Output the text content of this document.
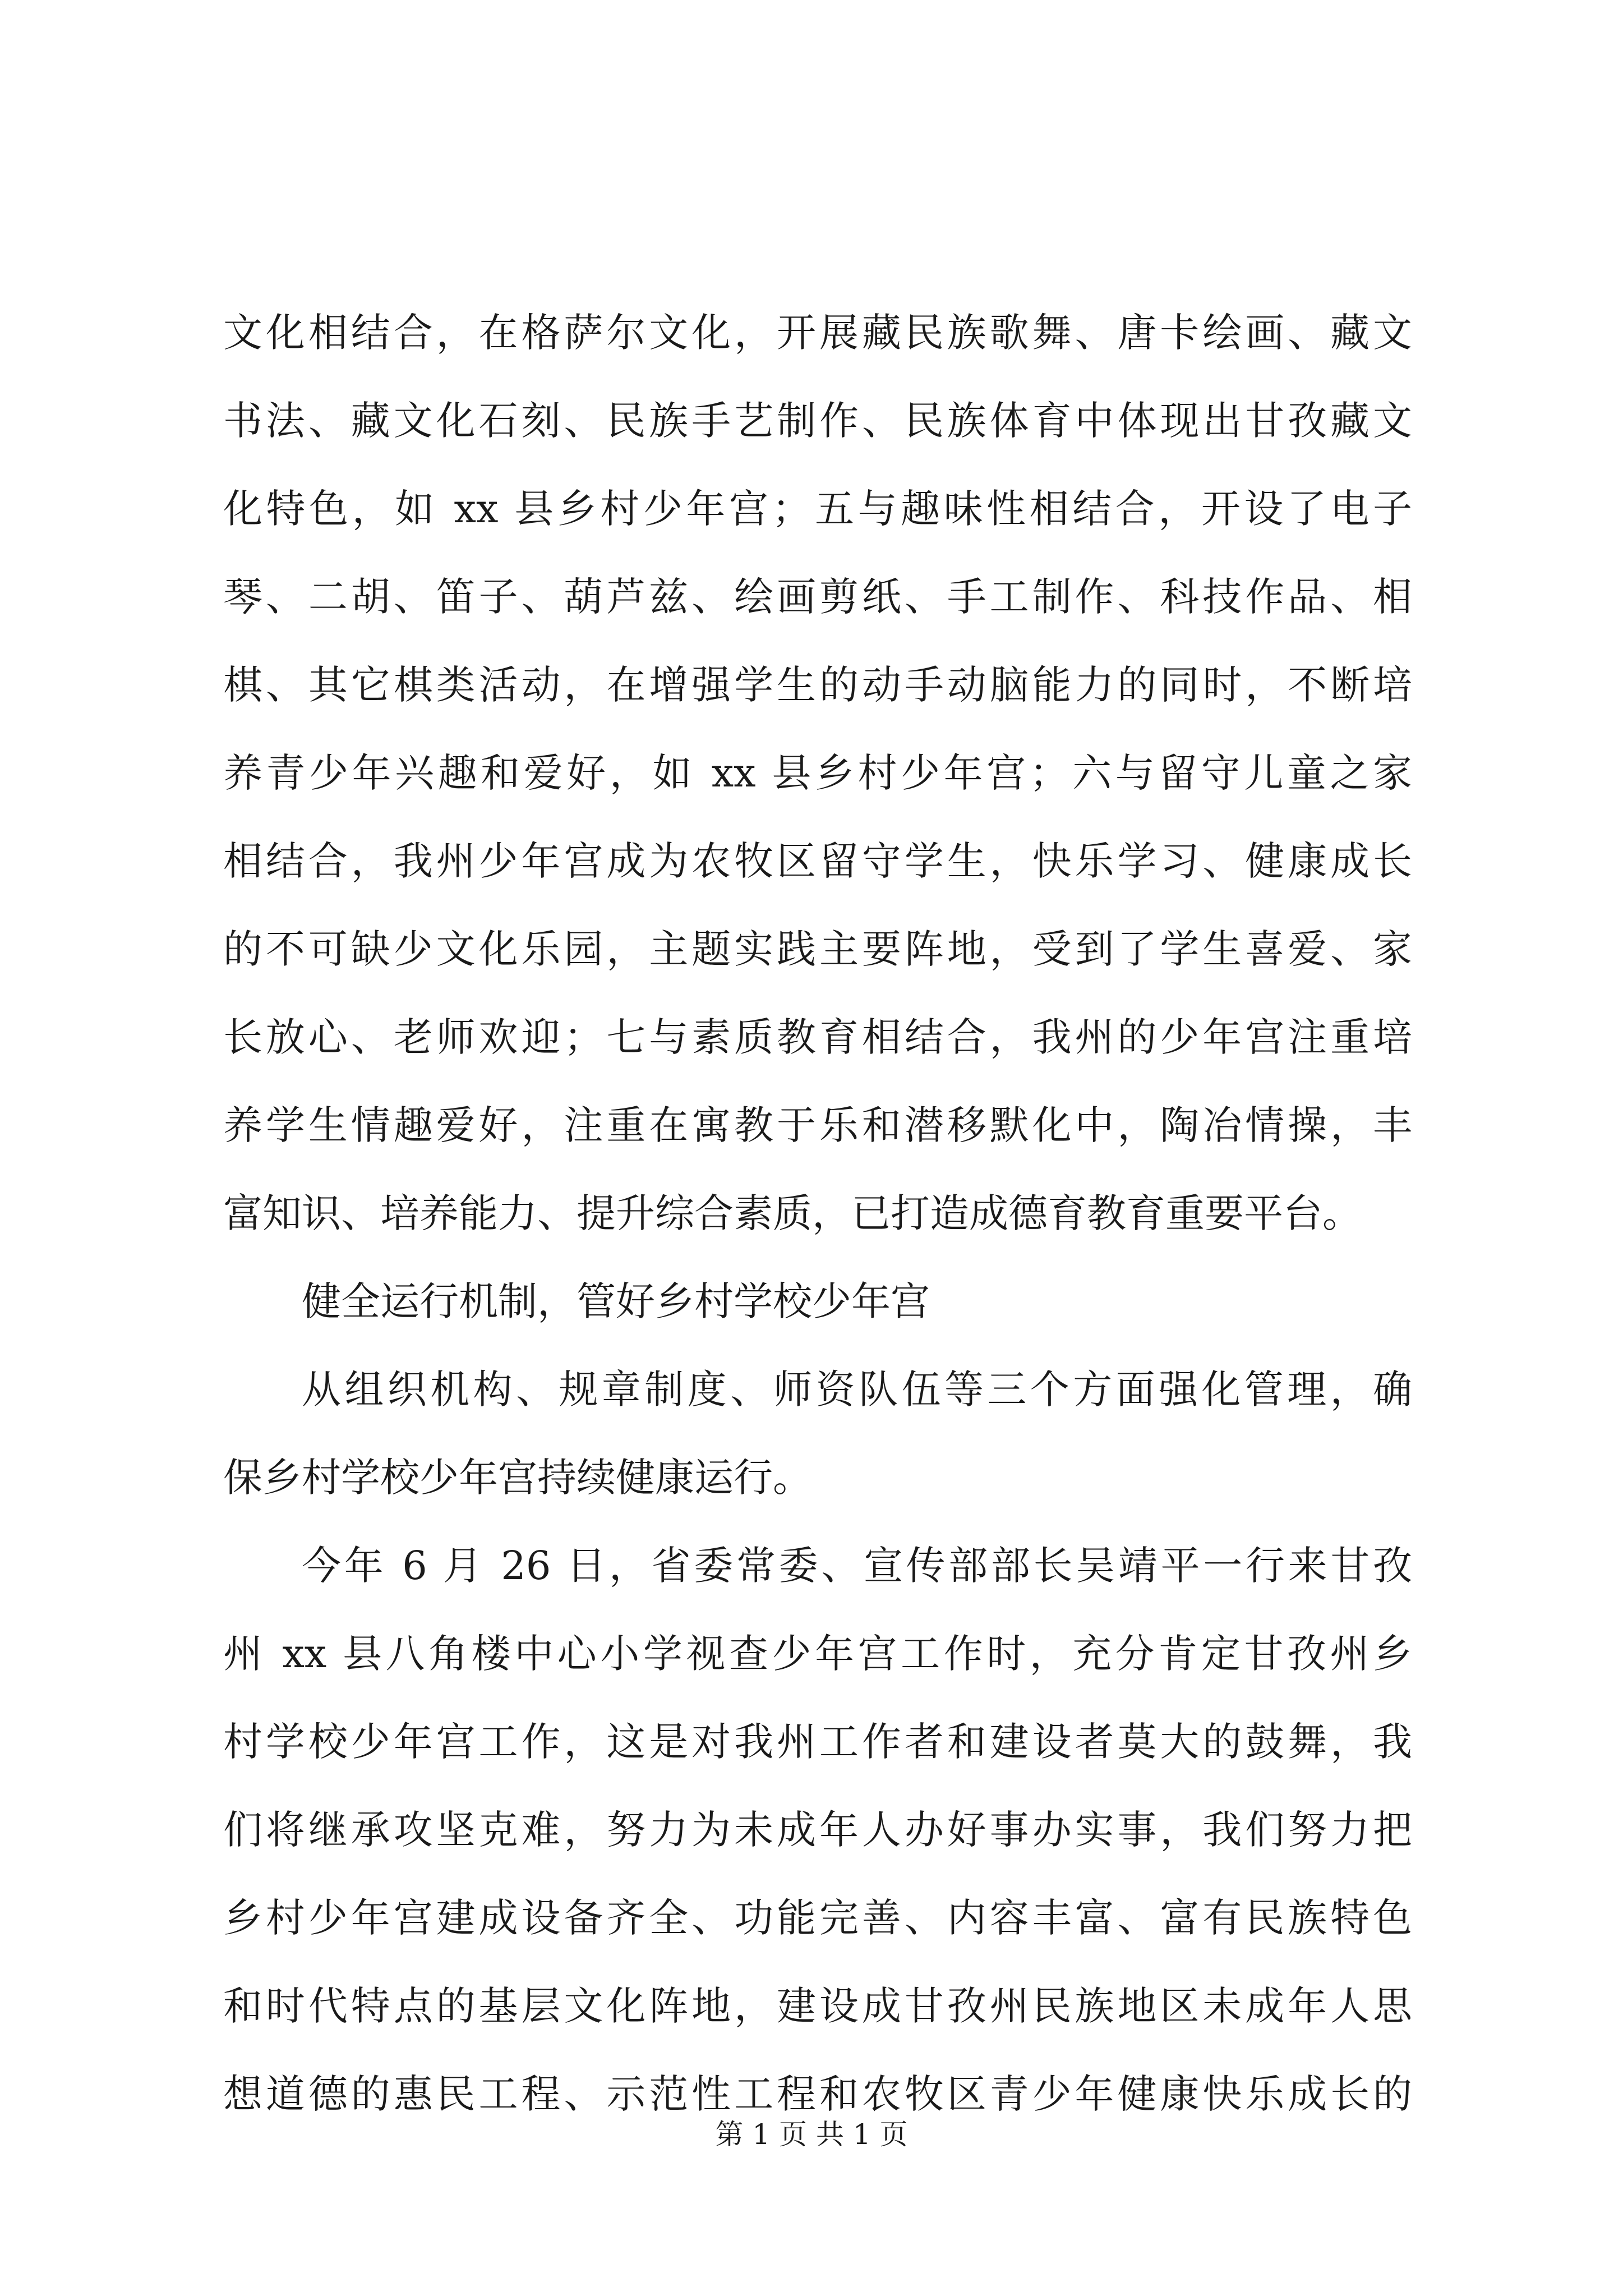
文化相结合，在格萨尔文化，开展藏民族歌舞、唐卡绘画、藏文
书法、藏文化石刻、民族手艺制作、民族体育中体现出甘孜藏文
化特色，如 xx 县乡村少年宫；五与趣味性相结合，开设了电子
琴、二胡、笛子、葫芦兹、绘画剪纸、手工制作、科技作品、相
棋、其它棋类活动，在增强学生的动手动脑能力的同时，不断培
养青少年兴趣和爱好，如 xx 县乡村少年宫；六与留守儿童之家
相结合，我州少年宫成为农牧区留守学生，快乐学习、健康成长
的不可缺少文化乐园，主题实践主要阵地，受到了学生喜爱、家
长放心、老师欢迎；七与素质教育相结合，我州的少年宫注重培
养学生情趣爱好，注重在寓教于乐和潜移默化中，陶冶情操，丰
富知识、培养能力、提升综合素质，已打造成德育教育重要平台。
健全运行机制，管好乡村学校少年宫
从组织机构、规章制度、师资队伍等三个方面强化管理，确
保乡村学校少年宫持续健康运行。
今年 6 月 26 日，省委常委、宣传部部长吴靖平一行来甘孜
州 xx 县八角楼中心小学视查少年宫工作时，充分肯定甘孜州乡
村学校少年宫工作，这是对我州工作者和建设者莫大的鼓舞，我
们将继承攻坚克难，努力为未成年人办好事办实事，我们努力把
乡村少年宫建成设备齐全、功能完善、内容丰富、富有民族特色
和时代特点的基层文化阵地，建设成甘孜州民族地区未成年人思
想道德的惠民工程、示范性工程和农牧区青少年健康快乐成长的
第 1 页 共 1 页
